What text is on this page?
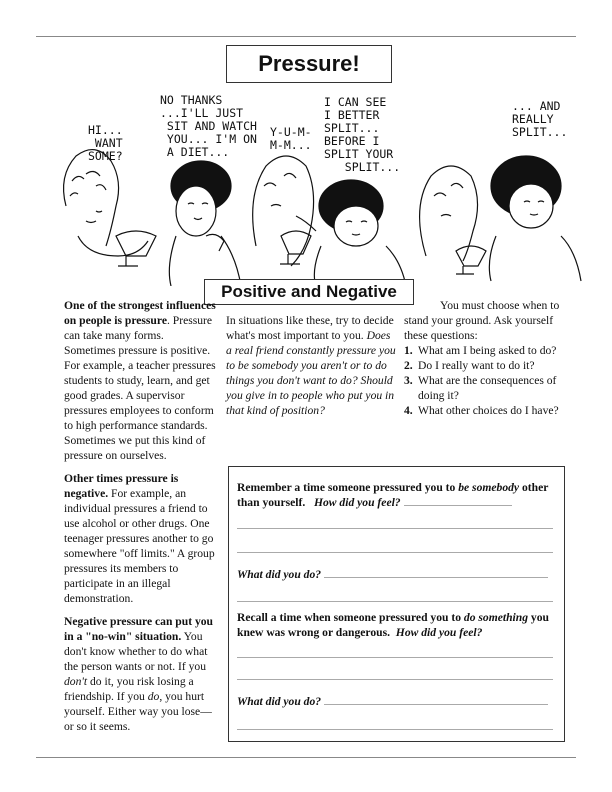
Pressure!
HI...
WANT
SOME?
NO THANKS
...I'LL JUST
SIT AND WATCH
YOU... I'M ON
A DIET...
Y-U-M-
M-M...
I CAN SEE
I BETTER
SPLIT...
BEFORE I
SPLIT YOUR
SPLIT...
... AND
REALLY
SPLIT...
Positive and Negative

One of the strongest influences on people is pressure. Pressure can take many forms. Sometimes pressure is positive. For example, a teacher pressures students to study, learn, and get good grades. A supervisor pressures employees to conform to high performance standards. Sometimes we put this kind of pressure on ourselves.

Other times pressure is negative. For example, an individual pressures a friend to use alcohol or other drugs. One teenager pressures another to go somewhere "off limits." A group pressures its members to participate in an illegal demonstration.

Negative pressure can put you in a "no-win" situation. You don't know whether to do what the person wants or not. If you don't do it, you risk losing a friendship. If you do, you hurt yourself. Either way you lose—or so it seems.

In situations like these, try to decide what's most important to you. Does a real friend constantly pressure you to be somebody you aren't or to do things you don't want to do? Should you give in to people who put you in that kind of position?
You must choose when to stand your ground. Ask yourself these questions:
1. What am I being asked to do?
2. Do I really want to do it?
3. What are the consequences of doing it?
4. What other choices do I have?
Remember a time someone pressured you to be somebody other than yourself. How did you feel?
What did you do?
Recall a time when someone pressured you to do something you knew was wrong or dangerous. How did you feel?
What did you do?
